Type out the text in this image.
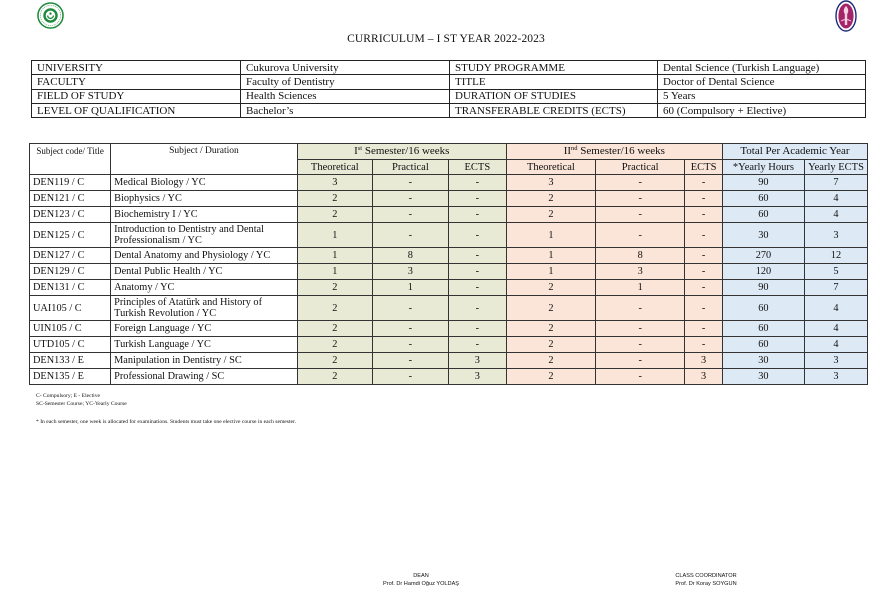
CURRICULUM – I ST YEAR 2022-2023
UNIVERSITY	Cukurova University	STUDY PROGRAMME	Dental Science (Turkish Language)
FACULTY	Faculty of Dentistry	TITLE	Doctor of Dental Science
FIELD OF STUDY	Health Sciences	DURATION OF STUDIES	5 Years
LEVEL OF QUALIFICATION	Bachelor’s	TRANSFERABLE CREDITS (ECTS)	60 (Compulsory + Elective)
Subject code/ Title	Subject / Duration	Ist Semester/16 weeks			IInd Semester/16 weeks			Total Per Academic Year	
		Theoretical	Practical	ECTS	Theoretical	Practical	ECTS	*Yearly Hours	Yearly ECTS
DEN119 / C	Medical Biology / YC	3	-	-	3	-	-	90	7
DEN121 / C	Biophysics / YC	2	-	-	2	-	-	60	4
DEN123 / C	Biochemistry I / YC	2	-	-	2	-	-	60	4
DEN125 / C	Introduction to Dentistry and Dental Professionalism / YC	1	-	-	1	-	-	30	3
DEN127 / C	Dental Anatomy and Physiology / YC	1	8	-	1	8	-	270	12
DEN129 / C	Dental Public Health / YC	1	3	-	1	3	-	120	5
DEN131 / C	Anatomy / YC	2	1	-	2	1	-	90	7
UAI105 / C	Principles of Atatürk and History of Turkish Revolution / YC	2	-	-	2	-	-	60	4
UIN105 / C	Foreign Language / YC	2	-	-	2	-	-	60	4
UTD105 / C	Turkish Language / YC	2	-	-	2	-	-	60	4
DEN133 / E	Manipulation in Dentistry / SC	2	-	3	2	-	3	30	3
DEN135 / E	Professional Drawing / SC	2	-	3	2	-	3	30	3
C- Compulsory; E - Elective
SC-Semester Course; YC-Yearly Course
* In each semester, one week is allocated for examinations. Students must take one elective course in each semester.
DEAN
Prof. Dr Hamdi Oğuz YOLDAŞ
CLASS COORDINATOR
Prof. Dr Koray SOYGUN
